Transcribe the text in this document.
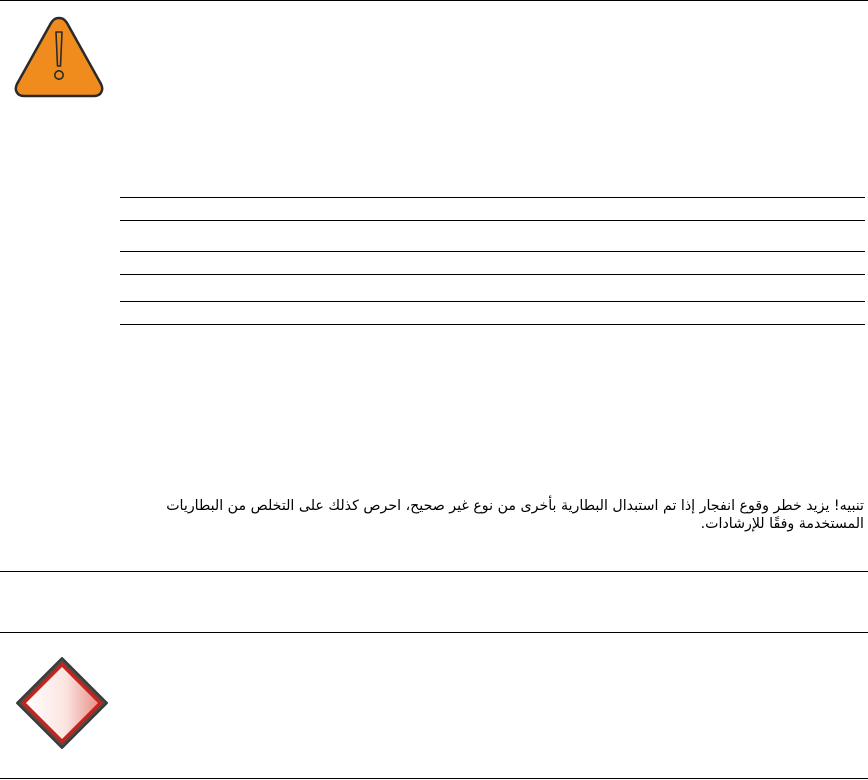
تنبيه! يزيد خطر وقوع انفجار إذا تم استبدال البطارية بأخرى من نوع غير صحيح، احرص كذلك على التخلص من البطاريات المستخدمة وفقًا للإرشادات.
